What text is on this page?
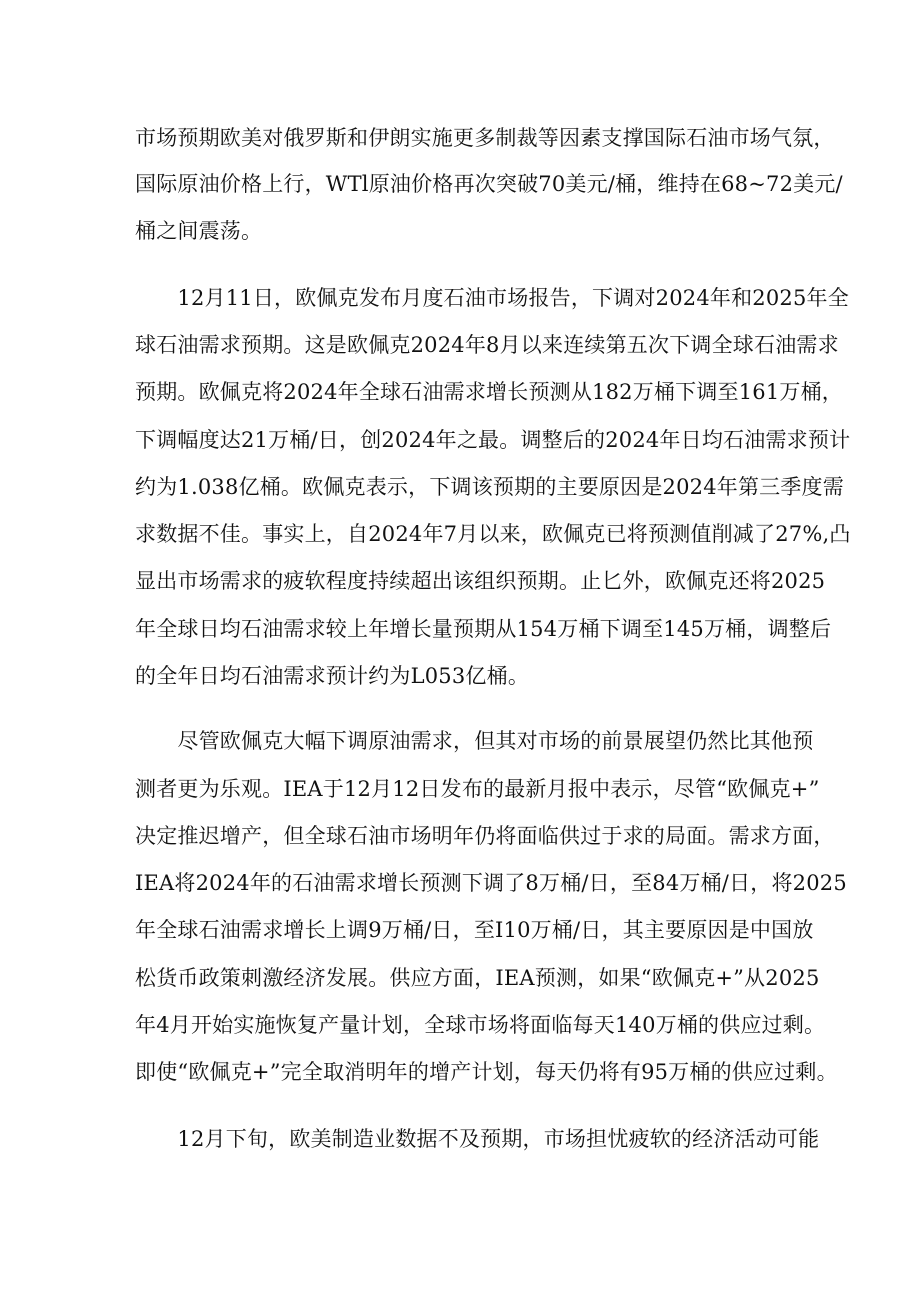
市场预期欧美对俄罗斯和伊朗实施更多制裁等因素支撑国际石油市场气氛，
国际原油价格上行，WTl原油价格再次突破70美元/桶，维持在68~72美元/
桶之间震荡。
　　12月11日，欧佩克发布月度石油市场报告，下调对2024年和2025年全
球石油需求预期。这是欧佩克2024年8月以来连续第五次下调全球石油需求
预期。欧佩克将2024年全球石油需求增长预测从182万桶下调至161万桶，
下调幅度达21万桶/日，创2024年之最。调整后的2024年日均石油需求预计
约为1.038亿桶。欧佩克表示，下调该预期的主要原因是2024年第三季度需
求数据不佳。事实上，自2024年7月以来，欧佩克已将预测值削减了27%,凸
显出市场需求的疲软程度持续超出该组织预期。止匕外，欧佩克还将2025
年全球日均石油需求较上年增长量预期从154万桶下调至145万桶，调整后
的全年日均石油需求预计约为L053亿桶。
　　尽管欧佩克大幅下调原油需求，但其对市场的前景展望仍然比其他预
测者更为乐观。IEA于12月12日发布的最新月报中表示，尽管“欧佩克+”
决定推迟增产，但全球石油市场明年仍将面临供过于求的局面。需求方面，
IEA将2024年的石油需求增长预测下调了8万桶/日，至84万桶/日，将2025
年全球石油需求增长上调9万桶/日，至I10万桶/日，其主要原因是中国放
松货币政策刺激经济发展。供应方面，IEA预测，如果“欧佩克+”从2025
年4月开始实施恢复产量计划，全球市场将面临每天140万桶的供应过剩。
即使“欧佩克+”完全取消明年的增产计划，每天仍将有95万桶的供应过剩。
　　12月下旬，欧美制造业数据不及预期，市场担忧疲软的经济活动可能
